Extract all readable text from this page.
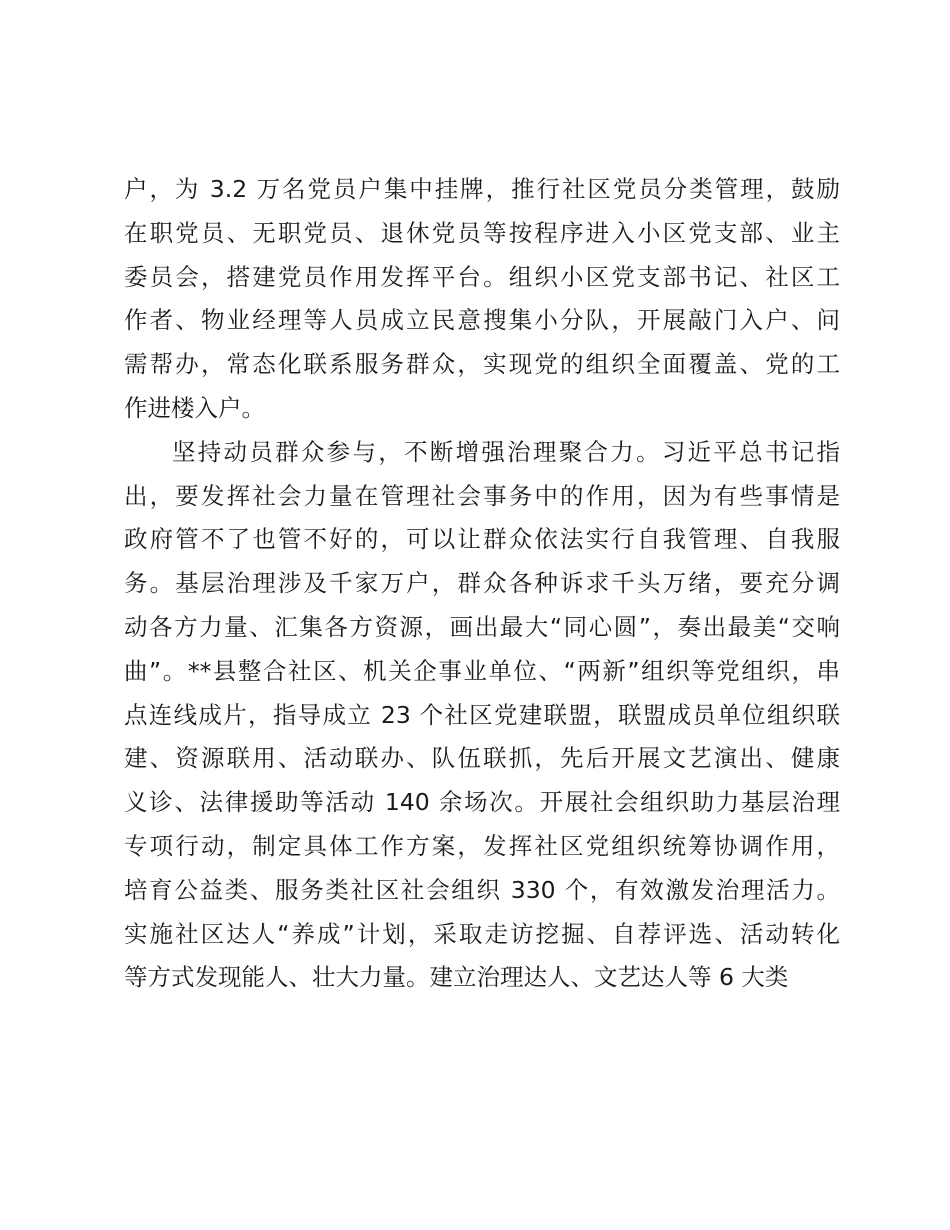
户，为 3.2 万名党员户集中挂牌，推行社区党员分类管理，鼓励
在职党员、无职党员、退休党员等按程序进入小区党支部、业主
委员会，搭建党员作用发挥平台。组织小区党支部书记、社区工
作者、物业经理等人员成立民意搜集小分队，开展敲门入户、问
需帮办，常态化联系服务群众，实现党的组织全面覆盖、党的工
作进楼入户。
坚持动员群众参与，不断增强治理聚合力。习近平总书记指
出，要发挥社会力量在管理社会事务中的作用，因为有些事情是
政府管不了也管不好的，可以让群众依法实行自我管理、自我服
务。基层治理涉及千家万户，群众各种诉求千头万绪，要充分调
动各方力量、汇集各方资源，画出最大“同心圆”，奏出最美“交响
曲”。**县整合社区、机关企事业单位、“两新”组织等党组织，串
点连线成片，指导成立 23 个社区党建联盟，联盟成员单位组织联
建、资源联用、活动联办、队伍联抓，先后开展文艺演出、健康
义诊、法律援助等活动 140 余场次。开展社会组织助力基层治理
专项行动，制定具体工作方案，发挥社区党组织统筹协调作用，
培育公益类、服务类社区社会组织 330 个，有效激发治理活力。
实施社区达人“养成”计划，采取走访挖掘、自荐评选、活动转化
等方式发现能人、壮大力量。建立治理达人、文艺达人等 6 大类
